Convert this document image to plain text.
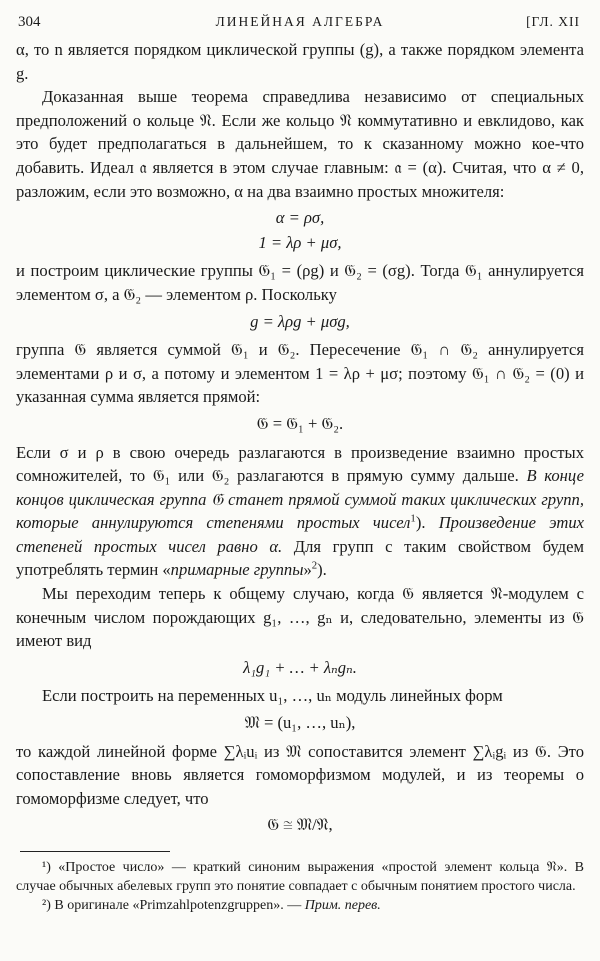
304	ЛИНЕЙНАЯ АЛГЕБРА	[ГЛ. XII

α, то n является порядком циклической группы (g), а также порядком элемента g.

Доказанная выше теорема справедлива независимо от специальных предположений о кольце 𝔑. Если же кольцо 𝔑 коммутативно и евклидово, как это будет предполагаться в дальнейшем, то к сказанному можно кое-что добавить. Идеал 𝔞 является в этом случае главным: 𝔞 = (α). Считая, что α ≠ 0, разложим, если это возможно, α на два взаимно простых множителя:

α = ρσ,
1 = λρ + μσ,

и построим циклические группы 𝔊₁ = (ρg) и 𝔊₂ = (σg). Тогда 𝔊₁ аннулируется элементом σ, а 𝔊₂ — элементом ρ. Поскольку

g = λρg + μσg,

группа 𝔊 является суммой 𝔊₁ и 𝔊₂. Пересечение 𝔊₁ ∩ 𝔊₂ аннулируется элементами ρ и σ, а потому и элементом 1 = λρ + μσ; поэтому 𝔊₁ ∩ 𝔊₂ = (0) и указанная сумма является прямой:

𝔊 = 𝔊₁ + 𝔊₂.

Если σ и ρ в свою очередь разлагаются в произведение взаимно простых сомножителей, то 𝔊₁ или 𝔊₂ разлагаются в прямую сумму дальше. В конце концов циклическая группа 𝔊 станет прямой суммой таких циклических групп, которые аннулируются степенями простых чисел$^1$). Произведение этих степеней простых чисел равно α. Для групп с таким свойством будем употреблять термин «примарные группы»$^2$).

Мы переходим теперь к общему случаю, когда 𝔊 является 𝔑-модулем с конечным числом порождающих g₁, …, gₙ и, следовательно, элементы из 𝔊 имеют вид

λ₁g₁ + … + λₙgₙ.

Если построить на переменных u₁, …, uₙ модуль линейных форм

𝔐 = (u₁, …, uₙ),

то каждой линейной форме ∑λᵢuᵢ из 𝔐 сопоставится элемент ∑λᵢgᵢ из 𝔊. Это сопоставление вновь является гомоморфизмом модулей, и из теоремы о гомоморфизме следует, что

𝔊 ≅ 𝔐/𝔑,

¹) «Простое число» — краткий синоним выражения «простой элемент кольца 𝔑». В случае обычных абелевых групп это понятие совпадает с обычным понятием простого числа.

²) В оригинале «Primzahlpotenzgruppen». — Прим. перев.
